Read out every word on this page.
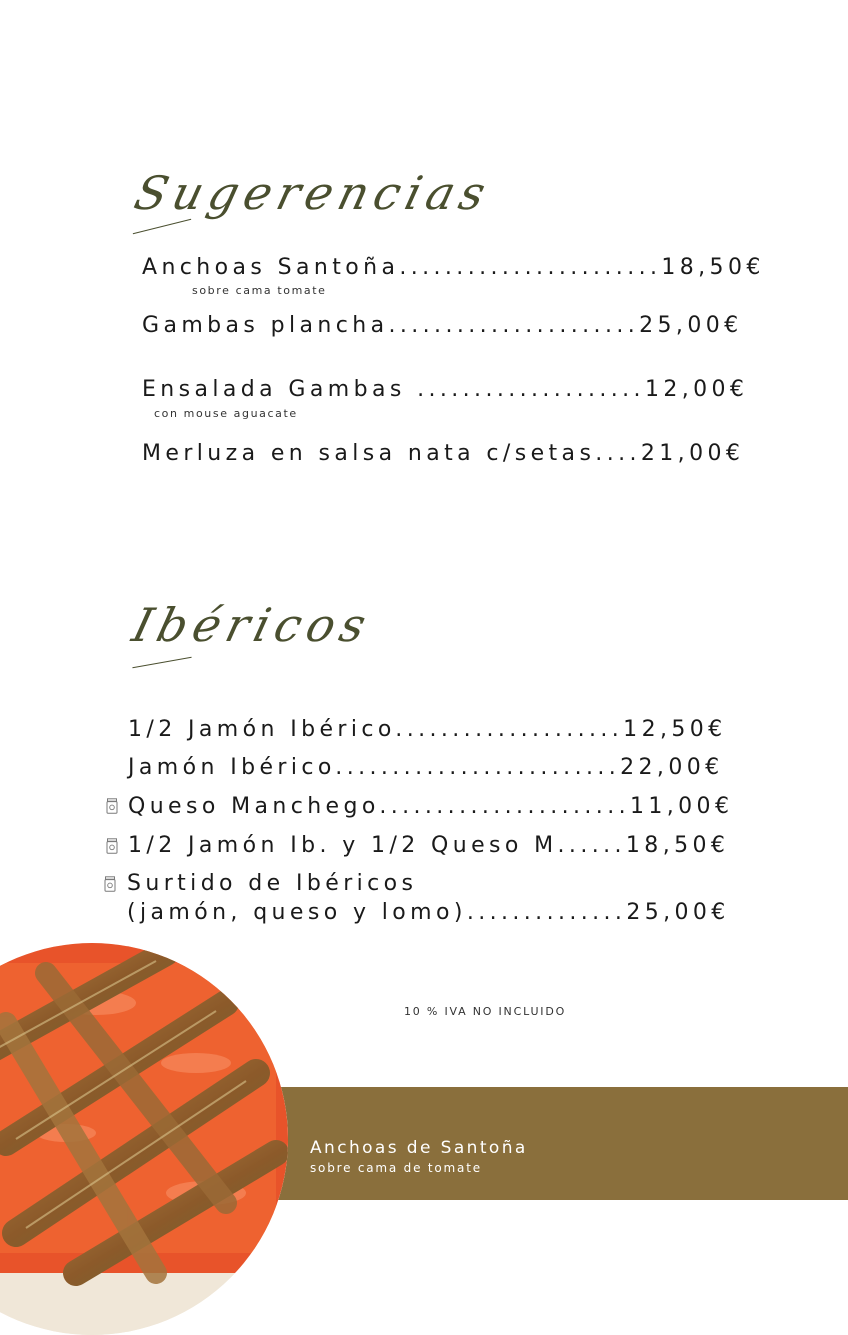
Sugerencias
Anchoas Santoña.......................18,50€
sobre cama tomate
Gambas plancha......................25,00€
Ensalada Gambas ....................12,00€
con mouse aguacate
Merluza en salsa nata c/setas....21,00€
Ibéricos
1/2 Jamón Ibérico....................12,50€
Jamón Ibérico.........................22,00€
Queso Manchego......................11,00€
1/2 Jamón Ib. y 1/2 Queso M......18,50€
Surtido de Ibéricos
(jamón, queso y lomo)..............25,00€
10 % IVA NO INCLUIDO
Anchoas de Santoña
sobre cama de tomate
